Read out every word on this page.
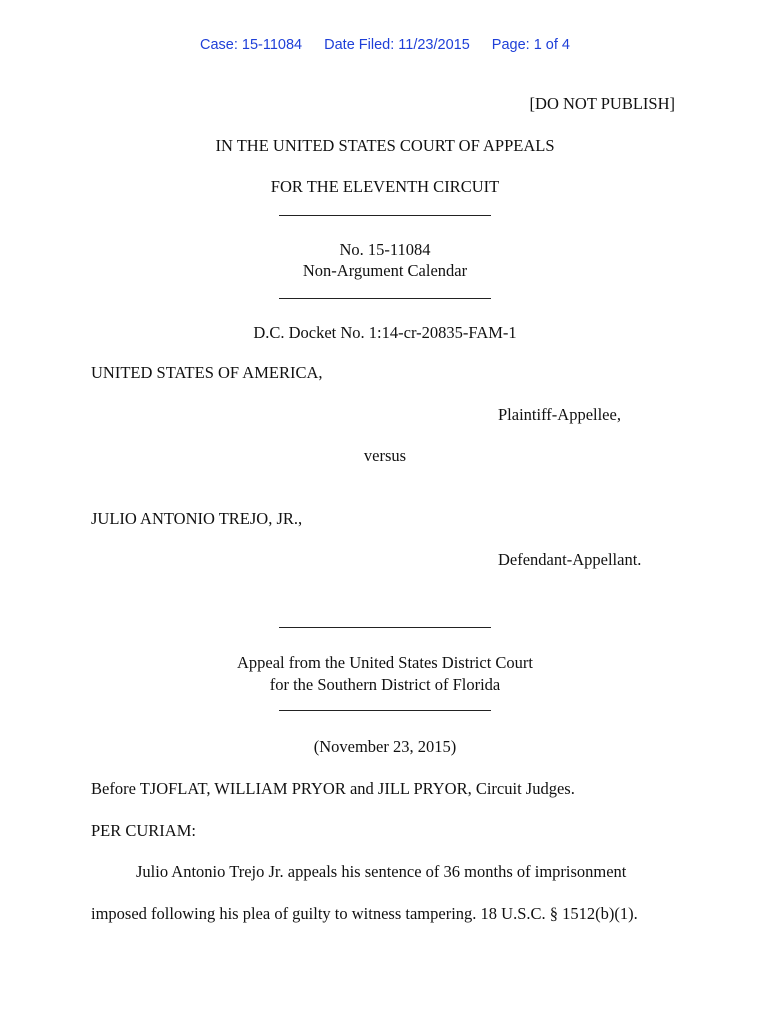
Case: 15-11084 Date Filed: 11/23/2015 Page: 1 of 4
[DO NOT PUBLISH]
IN THE UNITED STATES COURT OF APPEALS
FOR THE ELEVENTH CIRCUIT
No. 15-11084
Non-Argument Calendar
D.C. Docket No. 1:14-cr-20835-FAM-1
UNITED STATES OF AMERICA,
Plaintiff-Appellee,
versus
JULIO ANTONIO TREJO, JR.,
Defendant-Appellant.
Appeal from the United States District Court
for the Southern District of Florida
(November 23, 2015)
Before TJOFLAT, WILLIAM PRYOR and JILL PRYOR, Circuit Judges.
PER CURIAM:
Julio Antonio Trejo Jr. appeals his sentence of 36 months of imprisonment
imposed following his plea of guilty to witness tampering. 18 U.S.C. § 1512(b)(1).
